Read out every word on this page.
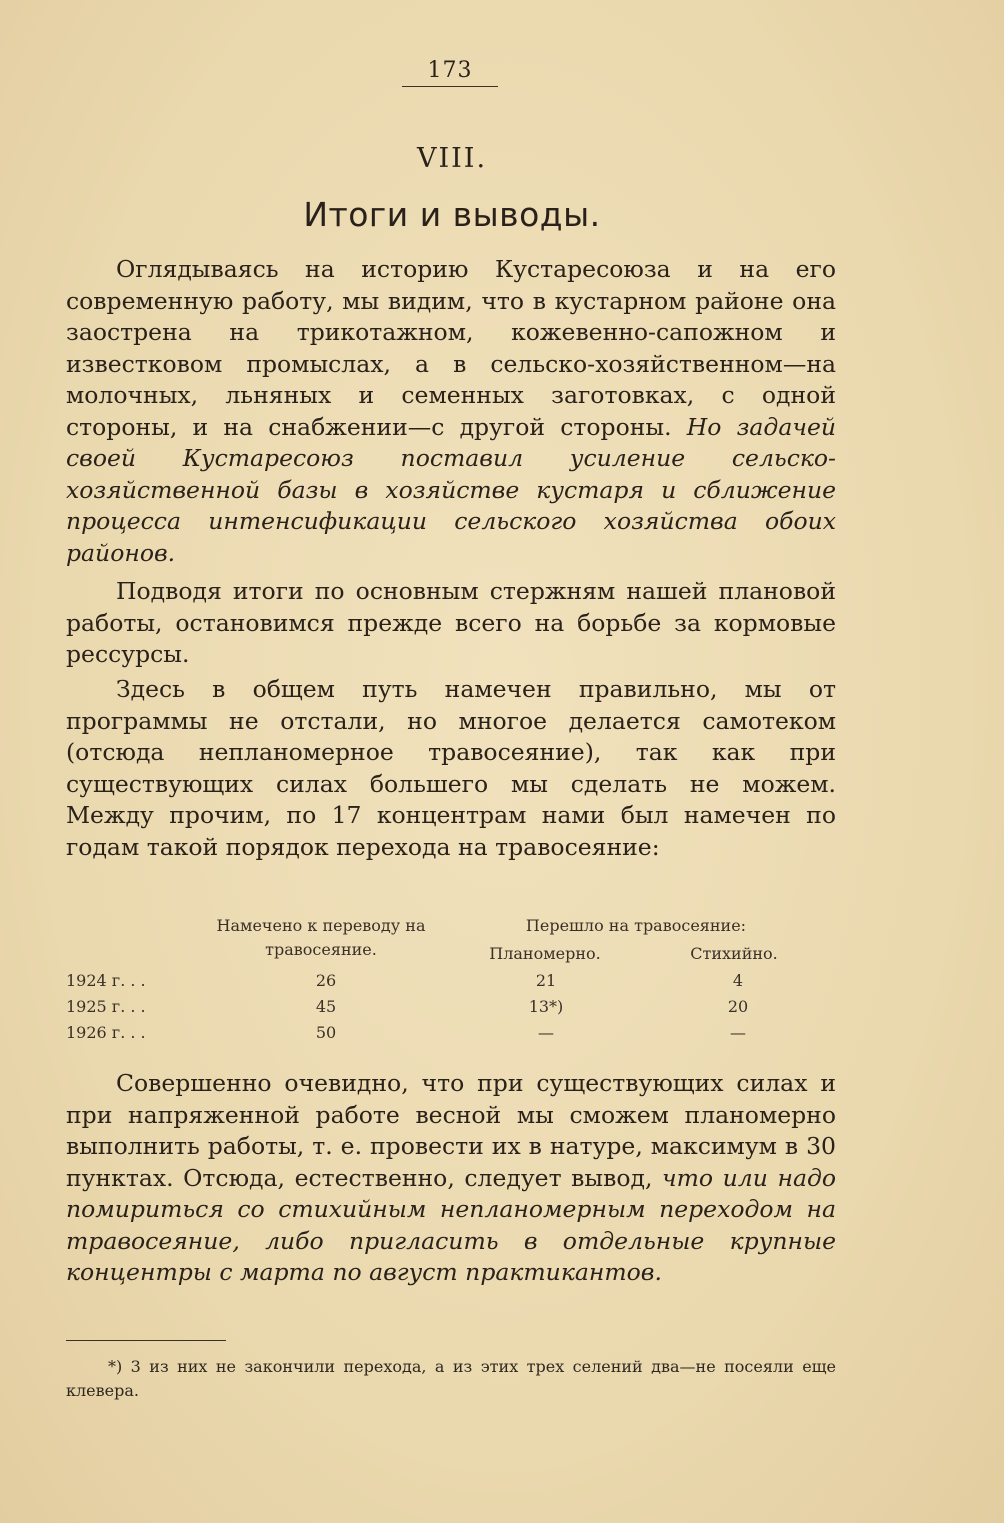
173
VIII.
Итоги и выводы.
Оглядываясь на историю Кустаресоюза и на его современную работу, мы видим, что в кустарном районе она заострена на трикотажном, кожевенно-сапожном и известковом промыслах, а в сельско-хозяйственном—на молочных, льняных и семенных заготовках, с одной стороны, и на снабжении—с другой стороны. Но задачей своей Кустаресоюз поставил усиление сельско-хозяйственной базы в хозяйстве кустаря и сближение процесса интенсификации сельского хозяйства обоих районов.
Подводя итоги по основным стержням нашей плановой работы, остановимся прежде всего на борьбе за кормовые рессурсы.
Здесь в общем путь намечен правильно, мы от программы не отстали, но многое делается самотеком (отсюда непланомерное травосеяние), так как при существующих силах большего мы сделать не можем. Между прочим, по 17 концентрам нами был намечен по годам такой порядок перехода на травосеяние:
Намечено к переводу на травосеяние.
Перешло на травосеяние:
Планомерно.	Стихийно.
1924 г. . .	26	21	4
1925 г. . .	45	13*)	20
1926 г. . .	50	—	—
Совершенно очевидно, что при существующих силах и при напряженной работе весной мы сможем планомерно выполнить работы, т. е. провести их в натуре, максимум в 30 пунктах. Отсюда, естественно, следует вывод, что или надо помириться со стихийным непланомерным переходом на травосеяние, либо пригласить в отдельные крупные концентры с марта по август практикантов.
*) 3 из них не закончили перехода, а из этих трех селений два—не посеяли еще клевера.
